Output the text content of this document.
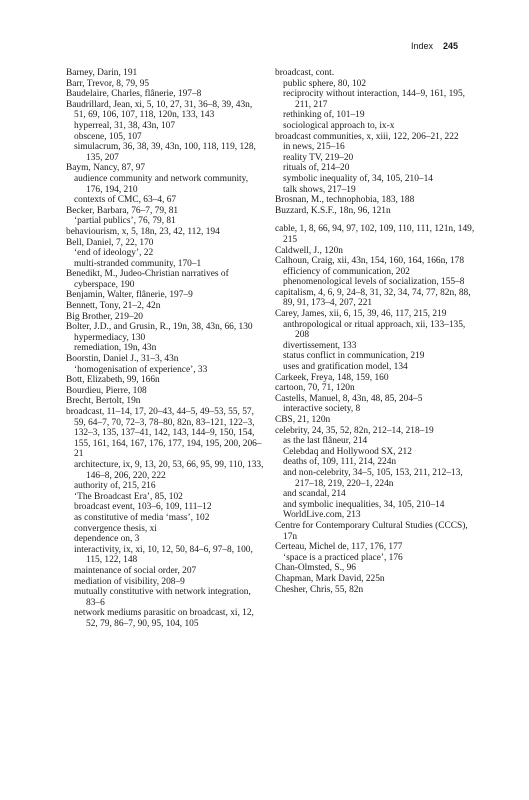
Index 245
Barney, Darin, 191
Barr, Trevor, 8, 79, 95
Baudelaire, Charles, flânerie, 197–8
Baudrillard, Jean, xi, 5, 10, 27, 31, 36–8, 39, 43n, 51, 69, 106, 107, 118, 120n, 133, 143
hyperreal, 31, 38, 43n, 107
obscene, 105, 107
simulacrum, 36, 38, 39, 43n, 100, 118, 119, 128, 135, 207
Baym, Nancy, 87, 97
audience community and network community, 176, 194, 210
contexts of CMC, 63–4, 67
Becker, Barbara, 76–7, 79, 81
‘partial publics’, 76, 79, 81
behaviourism, x, 5, 18n, 23, 42, 112, 194
Bell, Daniel, 7, 22, 170
‘end of ideology’, 22
multi-stranded community, 170–1
Benedikt, M., Judeo-Christian narratives of cyberspace, 190
Benjamin, Walter, flânerie, 197–9
Bennett, Tony, 21–2, 42n
Big Brother, 219–20
Bolter, J.D., and Grusin, R., 19n, 38, 43n, 66, 130
hypermediacy, 130
remediation, 19n, 43n
Boorstin, Daniel J., 31–3, 43n
‘homogenisation of experience’, 33
Bott, Elizabeth, 99, 166n
Bourdieu, Pierre, 108
Brecht, Bertolt, 19n
broadcast, 11–14, 17, 20–43, 44–5, 49–53, 55, 57, 59, 64–7, 70, 72–3, 78–80, 82n, 83–121, 122–3, 132–3, 135, 137–41, 142, 143, 144–9, 150, 154, 155, 161, 164, 167, 176, 177, 194, 195, 200, 206–21
architecture, ix, 9, 13, 20, 53, 66, 95, 99, 110, 133, 146–8, 206, 220, 222
authority of, 215, 216
‘The Broadcast Era’, 85, 102
broadcast event, 103–6, 109, 111–12
as constitutive of media ‘mass’, 102
convergence thesis, xi
dependence on, 3
interactivity, ix, xi, 10, 12, 50, 84–6, 97–8, 100, 115, 122, 148
maintenance of social order, 207
mediation of visibility, 208–9
mutually constitutive with network integration, 83–6
network mediums parasitic on broadcast, xi, 12, 52, 79, 86–7, 90, 95, 104, 105
broadcast, cont.
public sphere, 80, 102
reciprocity without interaction, 144–9, 161, 195, 211, 217
rethinking of, 101–19
sociological approach to, ix-x
broadcast communities, x, xiii, 122, 206–21, 222
in news, 215–16
reality TV, 219–20
rituals of, 214–20
symbolic inequality of, 34, 105, 210–14
talk shows, 217–19
Brosnan, M., technophobia, 183, 188
Buzzard, K.S.F., 18n, 96, 121n
cable, 1, 8, 66, 94, 97, 102, 109, 110, 111, 121n, 149, 215
Caldwell, J., 120n
Calhoun, Craig, xii, 43n, 154, 160, 164, 166n, 178
efficiency of communication, 202
phenomenological levels of socialization, 155–8
capitalism, 4, 6, 9, 24–8, 31, 32, 34, 74, 77, 82n, 88, 89, 91, 173–4, 207, 221
Carey, James, xii, 6, 15, 39, 46, 117, 215, 219
anthropological or ritual approach, xii, 133–135, 208
divertissement, 133
status conflict in communication, 219
uses and gratification model, 134
Carkeek, Freya, 148, 159, 160
cartoon, 70, 71, 120n
Castells, Manuel, 8, 43n, 48, 85, 204–5
interactive society, 8
CBS, 21, 120n
celebrity, 24, 35, 52, 82n, 212–14, 218–19
as the last flâneur, 214
Celebdaq and Hollywood SX, 212
deaths of, 109, 111, 214, 224n
and non-celebrity, 34–5, 105, 153, 211, 212–13, 217–18, 219, 220–1, 224n
and scandal, 214
and symbolic inequalities, 34, 105, 210–14
WorldLive.com, 213
Centre for Contemporary Cultural Studies (CCCS), 17n
Certeau, Michel de, 117, 176, 177
‘space is a practiced place’, 176
Chan-Olmsted, S., 96
Chapman, Mark David, 225n
Chesher, Chris, 55, 82n
